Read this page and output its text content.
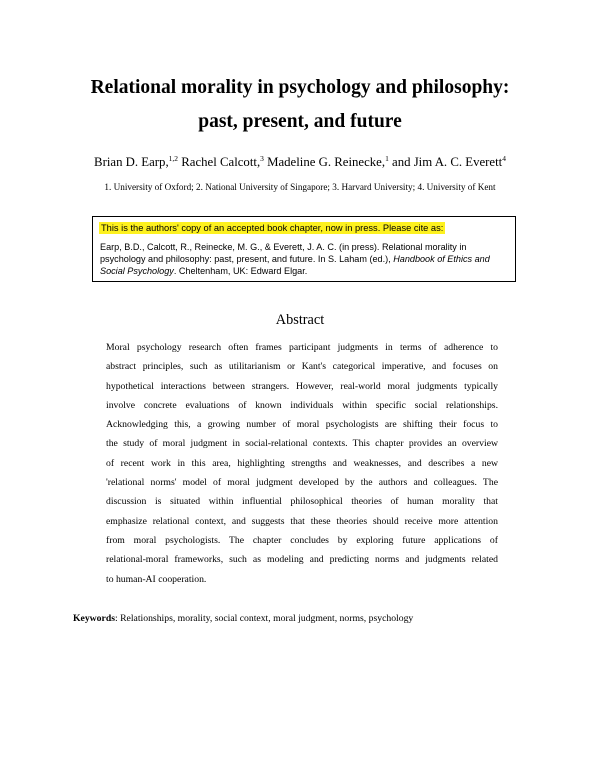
Relational morality in psychology and philosophy:
past, present, and future
Brian D. Earp,$^{1,2}$ Rachel Calcott,$^3$ Madeline G. Reinecke,$^1$ and Jim A. C. Everett$^4$
1. University of Oxford; 2. National University of Singapore; 3. Harvard University; 4. University of Kent
This is the authors' copy of an accepted book chapter, now in press. Please cite as:

Earp, B.D., Calcott, R., Reinecke, M. G., & Everett, J. A. C. (in press). Relational morality in psychology and philosophy: past, present, and future. In S. Laham (ed.), Handbook of Ethics and Social Psychology. Cheltenham, UK: Edward Elgar.

Abstract

Moral psychology research often frames participant judgments in terms of adherence to
abstract principles, such as utilitarianism or Kant's categorical imperative, and focuses on
hypothetical interactions between strangers. However, real-world moral judgments typically
involve concrete evaluations of known individuals within specific social relationships.
Acknowledging this, a growing number of moral psychologists are shifting their focus to
the study of moral judgment in social-relational contexts. This chapter provides an overview
of recent work in this area, highlighting strengths and weaknesses, and describes a new
'relational norms' model of moral judgment developed by the authors and colleagues. The
discussion is situated within influential philosophical theories of human morality that
emphasize relational context, and suggests that these theories should receive more attention
from moral psychologists. The chapter concludes by exploring future applications of
relational-moral frameworks, such as modeling and predicting norms and judgments related
to human-AI cooperation.

Keywords: Relationships, morality, social context, moral judgment, norms, psychology
